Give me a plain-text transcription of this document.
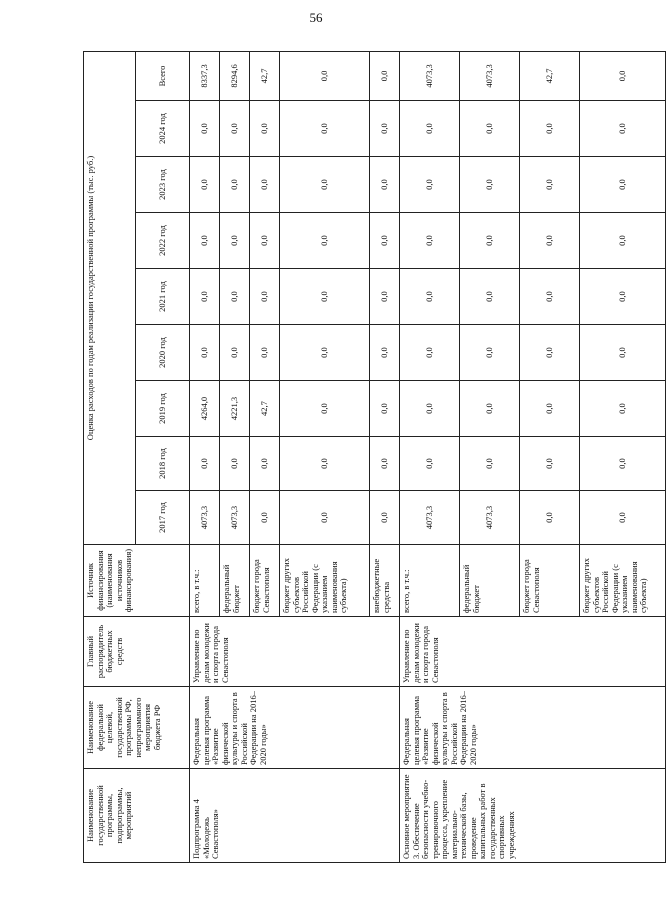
56
Наименование государственной программы, подпрограммы, мероприятий	Наименование федеральной целевой, государственной программы РФ, непрограммного мероприятия бюджета РФ	Главный распорядитель бюджетных средств	Источник финансирования (наименования источников финансирования)	Оценка расходов по годам реализации государственной программы (тыс. руб.)								
				2017 год	2018 год	2019 год	2020 год	2021 год	2022 год	2023 год	2024 год	Всего
Подпрограмма 4 «Молодежь Севастополя»	Федеральная целевая программа «Развитие физической культуры и спорта в Российской Федерации на 2016–2020 годы»	Управление по делам молодежи и спорта города Севастополя	всего, в т.ч.:	4073,3	0,0	4264,0	0,0	0,0	0,0	0,0	0,0	8337,3
			федеральный бюджет	4073,3	0,0	4221,3	0,0	0,0	0,0	0,0	0,0	8294,6
			бюджет города Севастополя	0,0	0,0	42,7	0,0	0,0	0,0	0,0	0,0	42,7
			бюджет других субъектов Российской Федерации (с указанием наименования субъекта)	0,0	0,0	0,0	0,0	0,0	0,0	0,0	0,0	0,0
			внебюджетные средства	0,0	0,0	0,0	0,0	0,0	0,0	0,0	0,0	0,0
Основное мероприятие 3. Обеспечение безопасности учебно-тренировочного процесса, укрепление материально-технической базы, проведение капитальных работ в государственных спортивных учреждениях	Федеральная целевая программа «Развитие физической культуры и спорта в Российской Федерации на 2016–2020 годы»	Управление по делам молодежи и спорта города Севастополя	всего, в т.ч.:	4073,3	0,0	0,0	0,0	0,0	0,0	0,0	0,0	4073,3
			федеральный бюджет	4073,3	0,0	0,0	0,0	0,0	0,0	0,0	0,0	4073,3
			бюджет города Севастополя	0,0	0,0	0,0	0,0	0,0	0,0	0,0	0,0	42,7
			бюджет других субъектов Российской Федерации (с указанием наименования субъекта)	0,0	0,0	0,0	0,0	0,0	0,0	0,0	0,0	0,0
